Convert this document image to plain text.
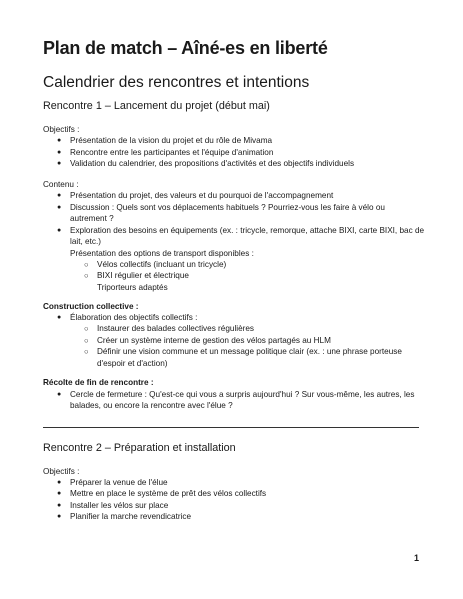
Plan de match – Aîné-es en liberté
Calendrier des rencontres et intentions
Rencontre 1 – Lancement du projet (début mai)
Objectifs :
● Présentation de la vision du projet et du rôle de Mivama
● Rencontre entre les participantes et l'équipe d'animation
● Validation du calendrier, des propositions d'activités et des objectifs individuels
Contenu :
● Présentation du projet, des valeurs et du pourquoi de l'accompagnement
● Discussion : Quels sont vos déplacements habituels ? Pourriez-vous les faire à vélo ou
autrement ?
● Exploration des besoins en équipements (ex. : tricycle, remorque, attache BIXI, carte BIXI, bac de
lait, etc.)
Présentation des options de transport disponibles :
○ Vélos collectifs (incluant un tricycle)
○ BIXI régulier et électrique
Triporteurs adaptés
Construction collective :
● Élaboration des objectifs collectifs :
○ Instaurer des balades collectives régulières
○ Créer un système interne de gestion des vélos partagés au HLM
○ Définir une vision commune et un message politique clair (ex. : une phrase porteuse
d'espoir et d'action)
Récolte de fin de rencontre :
● Cercle de fermeture : Qu'est-ce qui vous a surpris aujourd'hui ? Sur vous-même, les autres, les
balades, ou encore la rencontre avec l'élue ?
Rencontre 2 – Préparation et installation
Objectifs :
● Préparer la venue de l'élue
● Mettre en place le système de prêt des vélos collectifs
● Installer les vélos sur place
● Planifier la marche revendicatrice
1
